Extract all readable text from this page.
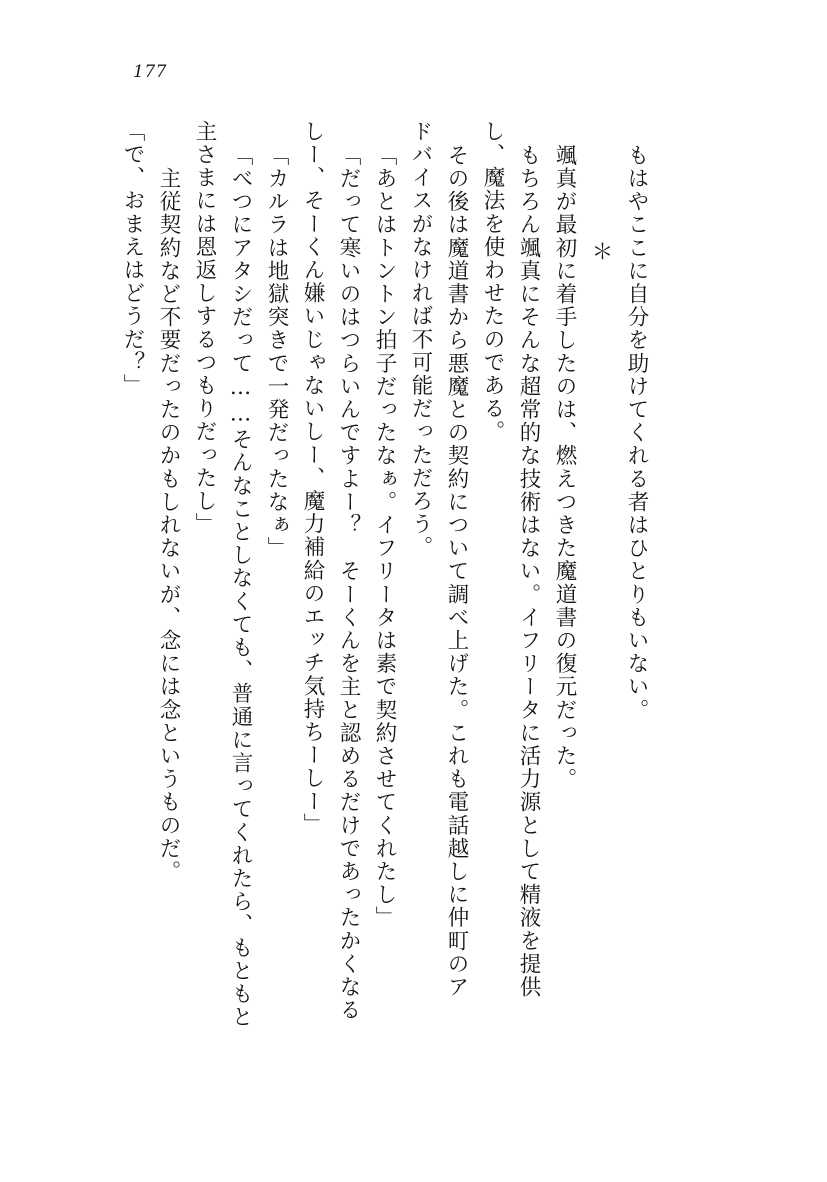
177
「で、おまえはどうだ？」 　主従契約など不要だったのかもしれないが、念には念というものだ。 主さまには恩返しするつもりだったし」 「べつにアタシだって……そんなことしなくても、普通に言ってくれたら、もともと 「カルラは地獄突きで一発だったなぁ」 しー、そーくん嫌いじゃないしー、魔力補給のエッチ気持ちーしー」 「だって寒いのはつらいんですよー？　そーくんを主と認めるだけであったかくなる 「あとはトントン拍子だったなぁ。イフリータは素で契約させてくれたし」 ドバイスがなければ不可能だっただろう。 その後は魔道書から悪魔との契約について調べ上げた。これも電話越しに仲町のア し、魔法を使わせたのである。 もちろん颯真にそんな超常的な技術はない。イフリータに活力源として精液を提供 颯真が最初に着手したのは、燃えつきた魔道書の復元だった。 ＊ もはやここに自分を助けてくれる者はひとりもいない。
